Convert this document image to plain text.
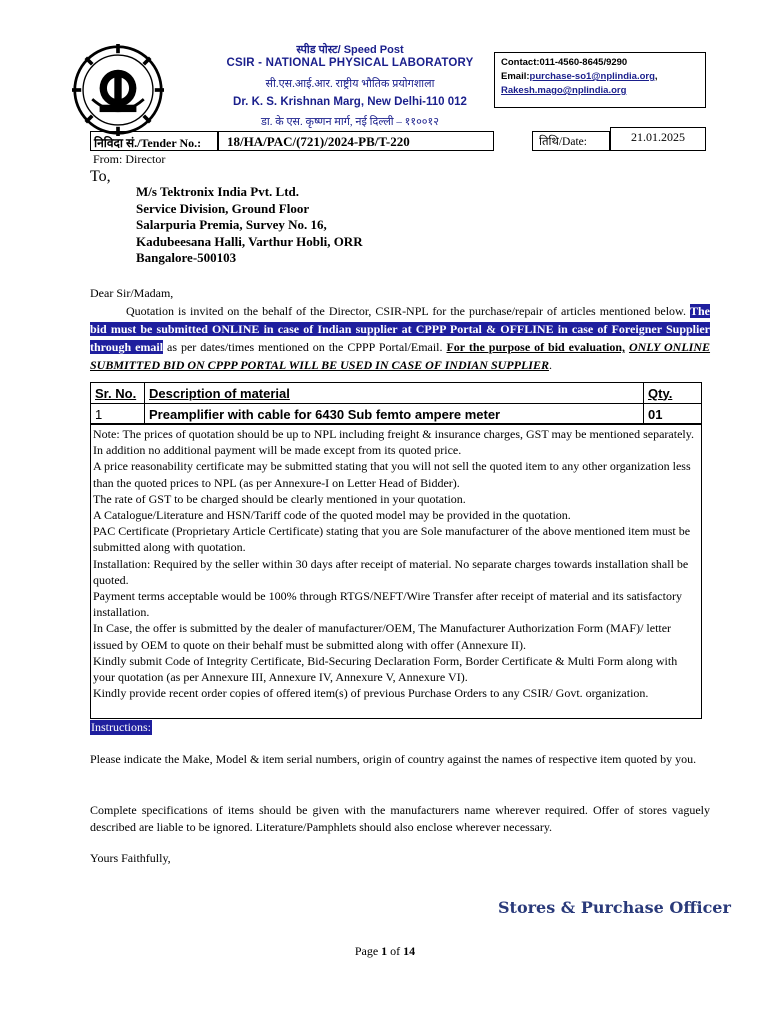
स्पीड पोस्ट/ Speed Post
CSIR - NATIONAL PHYSICAL LABORATORY
सी.एस.आई.आर. राष्ट्रीय भौतिक प्रयोगशाला
Dr. K. S. Krishnan Marg, New Delhi-110 012
डा. के एस. कृष्णन मार्ग, नई दिल्ली – ११००१२
Contact:011-4560-8645/9290
Email:purchase-so1@nplindia.org,
Rakesh.mago@nplindia.org
निविदा सं./Tender No.:	18/HA/PAC/(721)/2024-PB/T-220	तिथि/Date:	21.01.2025
From: Director
To,
M/s Tektronix India Pvt. Ltd.
Service Division, Ground Floor
Salarpuria Premia, Survey No. 16,
Kadubeesana Halli, Varthur Hobli, ORR
Bangalore-500103
Dear Sir/Madam,
Quotation is invited on the behalf of the Director, CSIR-NPL for the purchase/repair of articles mentioned below. The bid must be submitted ONLINE in case of Indian supplier at CPPP Portal & OFFLINE in case of Foreigner Supplier through email as per dates/times mentioned on the CPPP Portal/Email. For the purpose of bid evaluation, ONLY ONLINE SUBMITTED BID ON CPPP PORTAL WILL BE USED IN CASE OF INDIAN SUPPLIER.
Sr. No.	Description of material	Qty.
1	Preamplifier with cable for 6430 Sub femto ampere meter	01

Note: The prices of quotation should be up to NPL including freight & insurance charges, GST may be mentioned separately. In addition no additional payment will be made except from its quoted price.

A price reasonability certificate may be submitted stating that you will not sell the quoted item to any other organization less than the quoted prices to NPL (as per Annexure-I on Letter Head of Bidder).

The rate of GST to be charged should be clearly mentioned in your quotation.

A Catalogue/Literature and HSN/Tariff code of the quoted model may be provided in the quotation.

PAC Certificate (Proprietary Article Certificate) stating that you are Sole manufacturer of the above mentioned item must be submitted along with quotation.

Installation: Required by the seller within 30 days after receipt of material. No separate charges towards installation shall be quoted.

Payment terms acceptable would be 100% through RTGS/NEFT/Wire Transfer after receipt of material and its satisfactory installation.

In Case, the offer is submitted by the dealer of manufacturer/OEM, The Manufacturer Authorization Form (MAF)/ letter issued by OEM to quote on their behalf must be submitted along with offer (Annexure II).

Kindly submit Code of Integrity Certificate, Bid-Securing Declaration Form, Border Certificate & Multi Form along with your quotation (as per Annexure III, Annexure IV, Annexure V, Annexure VI).

Kindly provide recent order copies of offered item(s) of previous Purchase Orders to any CSIR/ Govt. organization.

Instructions:
Please indicate the Make, Model & item serial numbers, origin of country against the names of respective item quoted by you.
Complete specifications of items should be given with the manufacturers name wherever required. Offer of stores vaguely described are liable to be ignored. Literature/Pamphlets should also enclose wherever necessary.
Yours Faithfully,
Stores & Purchase Officer
Page 1 of 14
